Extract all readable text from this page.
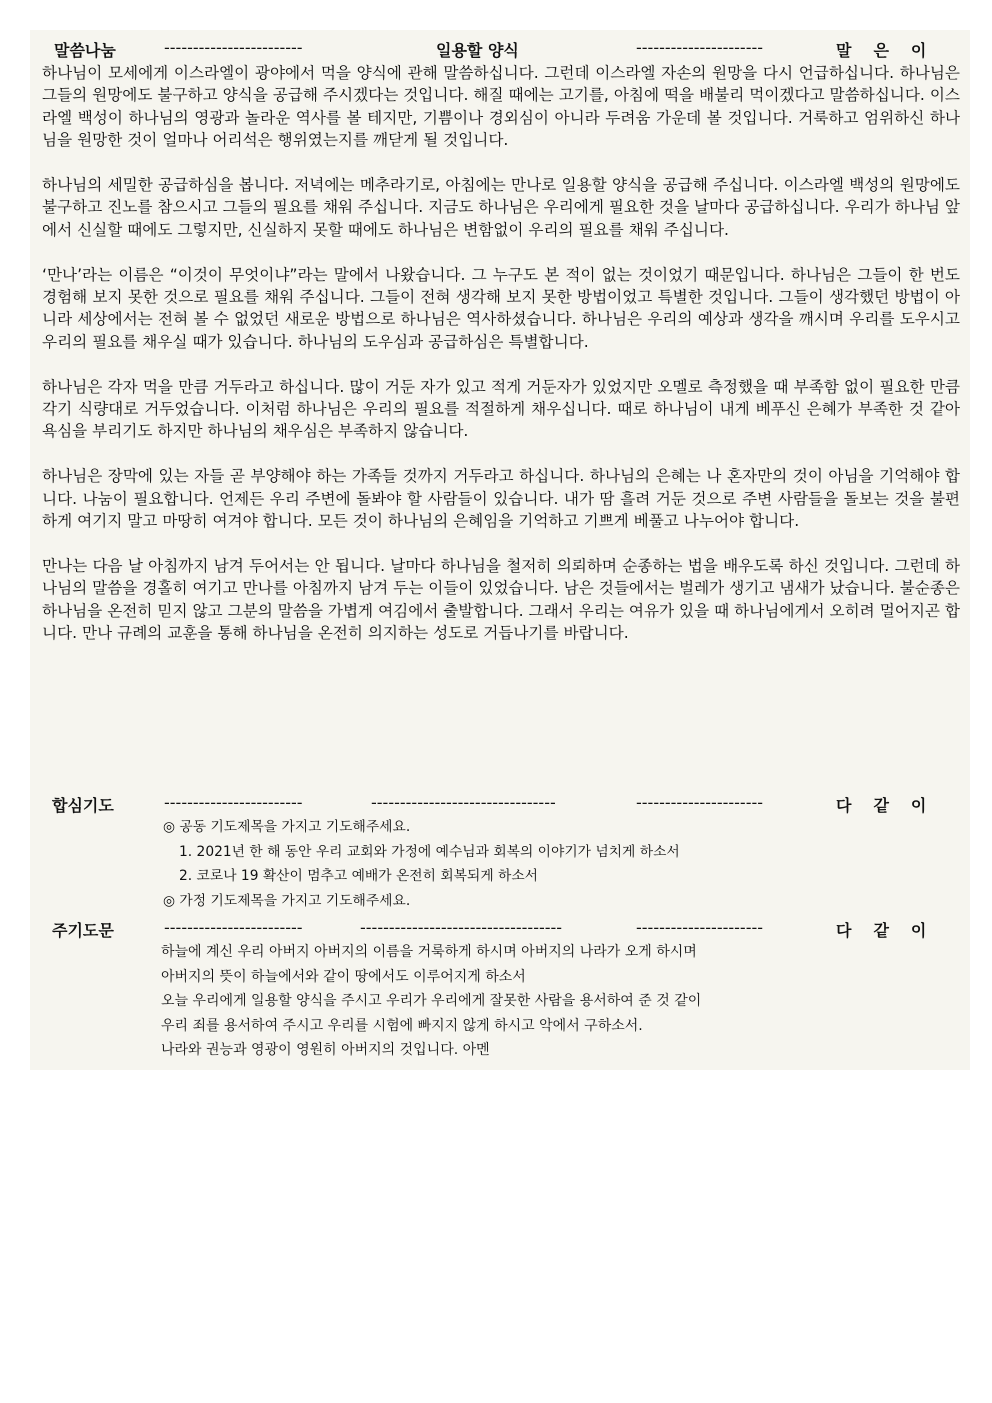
말씀나눔	------------------------	일용할 양식	----------------------	말은이

하나님이 모세에게 이스라엘이 광야에서 먹을 양식에 관해 말씀하십니다. 그런데 이스라엘 자손의 원망을 다시 언급하십니다. 하나님은 그들의 원망에도 불구하고 양식을 공급해 주시겠다는 것입니다. 해질 때에는 고기를, 아침에 떡을 배불리 먹이겠다고 말씀하십니다. 이스라엘 백성이 하나님의 영광과 놀라운 역사를 볼 테지만, 기쁨이나 경외심이 아니라 두려움 가운데 볼 것입니다. 거룩하고 엄위하신 하나님을 원망한 것이 얼마나 어리석은 행위였는지를 깨닫게 될 것입니다.

하나님의 세밀한 공급하심을 봅니다. 저녁에는 메추라기로, 아침에는 만나로 일용할 양식을 공급해 주십니다. 이스라엘 백성의 원망에도 불구하고 진노를 참으시고 그들의 필요를 채워 주십니다. 지금도 하나님은 우리에게 필요한 것을 날마다 공급하십니다. 우리가 하나님 앞에서 신실할 때에도 그렇지만, 신실하지 못할 때에도 하나님은 변함없이 우리의 필요를 채워 주십니다.

‘만나’라는 이름은 “이것이 무엇이냐”라는 말에서 나왔습니다. 그 누구도 본 적이 없는 것이었기 때문입니다. 하나님은 그들이 한 번도 경험해 보지 못한 것으로 필요를 채워 주십니다. 그들이 전혀 생각해 보지 못한 방법이었고 특별한 것입니다. 그들이 생각했던 방법이 아니라 세상에서는 전혀 볼 수 없었던 새로운 방법으로 하나님은 역사하셨습니다. 하나님은 우리의 예상과 생각을 깨시며 우리를 도우시고 우리의 필요를 채우실 때가 있습니다. 하나님의 도우심과 공급하심은 특별합니다.

하나님은 각자 먹을 만큼 거두라고 하십니다. 많이 거둔 자가 있고 적게 거둔자가 있었지만 오멜로 측정했을 때 부족함 없이 필요한 만큼 각기 식량대로 거두었습니다. 이처럼 하나님은 우리의 필요를 적절하게 채우십니다. 때로 하나님이 내게 베푸신 은혜가 부족한 것 같아 욕심을 부리기도 하지만 하나님의 채우심은 부족하지 않습니다.

하나님은 장막에 있는 자들 곧 부양해야 하는 가족들 것까지 거두라고 하십니다. 하나님의 은혜는 나 혼자만의 것이 아님을 기억해야 합니다. 나눔이 필요합니다. 언제든 우리 주변에 돌봐야 할 사람들이 있습니다. 내가 땀 흘려 거둔 것으로 주변 사람들을 돌보는 것을 불편하게 여기지 말고 마땅히 여겨야 합니다. 모든 것이 하나님의 은혜임을 기억하고 기쁘게 베풀고 나누어야 합니다.

만나는 다음 날 아침까지 남겨 두어서는 안 됩니다. 날마다 하나님을 철저히 의뢰하며 순종하는 법을 배우도록 하신 것입니다. 그런데 하나님의 말씀을 경홀히 여기고 만나를 아침까지 남겨 두는 이들이 있었습니다. 남은 것들에서는 벌레가 생기고 냄새가 났습니다. 불순종은 하나님을 온전히 믿지 않고 그분의 말씀을 가볍게 여김에서 출발합니다. 그래서 우리는 여유가 있을 때 하나님에게서 오히려 멀어지곤 합니다. 만나 규례의 교훈을 통해 하나님을 온전히 의지하는 성도로 거듭나기를 바랍니다.

합심기도	------------------------	--------------------------------	----------------------	다같이
◎ 공동 기도제목을 가지고 기도해주세요.
1. 2021년 한 해 동안 우리 교회와 가정에 예수님과 회복의 이야기가 넘치게 하소서
2. 코로나 19 확산이 멈추고 예배가 온전히 회복되게 하소서
◎ 가정 기도제목을 가지고 기도해주세요.
주기도문	------------------------	-----------------------------------	----------------------	다같이
하늘에 계신 우리 아버지 아버지의 이름을 거룩하게 하시며 아버지의 나라가 오게 하시며
아버지의 뜻이 하늘에서와 같이 땅에서도 이루어지게 하소서
오늘 우리에게 일용할 양식을 주시고 우리가 우리에게 잘못한 사람을 용서하여 준 것 같이
우리 죄를 용서하여 주시고 우리를 시험에 빠지지 않게 하시고 악에서 구하소서.
나라와 권능과 영광이 영원히 아버지의 것입니다. 아멘
